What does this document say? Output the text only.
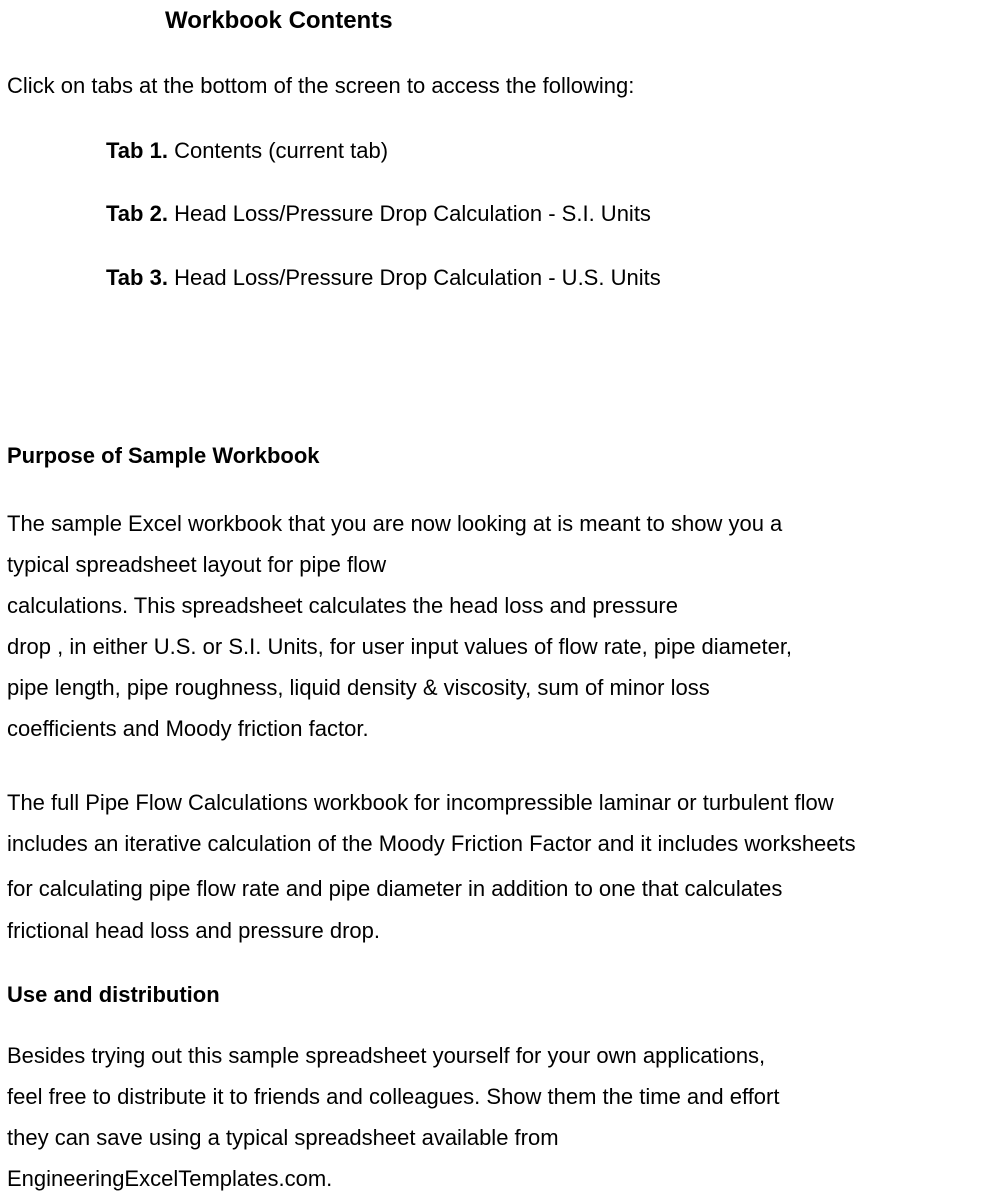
Workbook Contents
Click on tabs at the bottom of the screen to access the following:
Tab 1. Contents (current tab)
Tab 2. Head Loss/Pressure Drop Calculation - S.I. Units
Tab 3. Head Loss/Pressure Drop Calculation - U.S. Units
Purpose of Sample Workbook
The sample Excel workbook that you are now looking at is meant to show you a
typical spreadsheet layout for pipe flow
calculations. This spreadsheet calculates the head loss and pressure
drop , in either U.S. or S.I. Units, for user input values of flow rate, pipe diameter,
pipe length, pipe roughness, liquid density & viscosity, sum of minor loss
coefficients and Moody friction factor.
The full Pipe Flow Calculations workbook for incompressible laminar or turbulent flow
includes an iterative calculation of the Moody Friction Factor and it includes worksheets
for calculating pipe flow rate and pipe diameter in addition to one that calculates
frictional head loss and pressure drop.
Use and distribution
Besides trying out this sample spreadsheet yourself for your own applications,
feel free to distribute it to friends and colleagues. Show them the time and effort
they can save using a typical spreadsheet available from
EngineeringExcelTemplates.com.
